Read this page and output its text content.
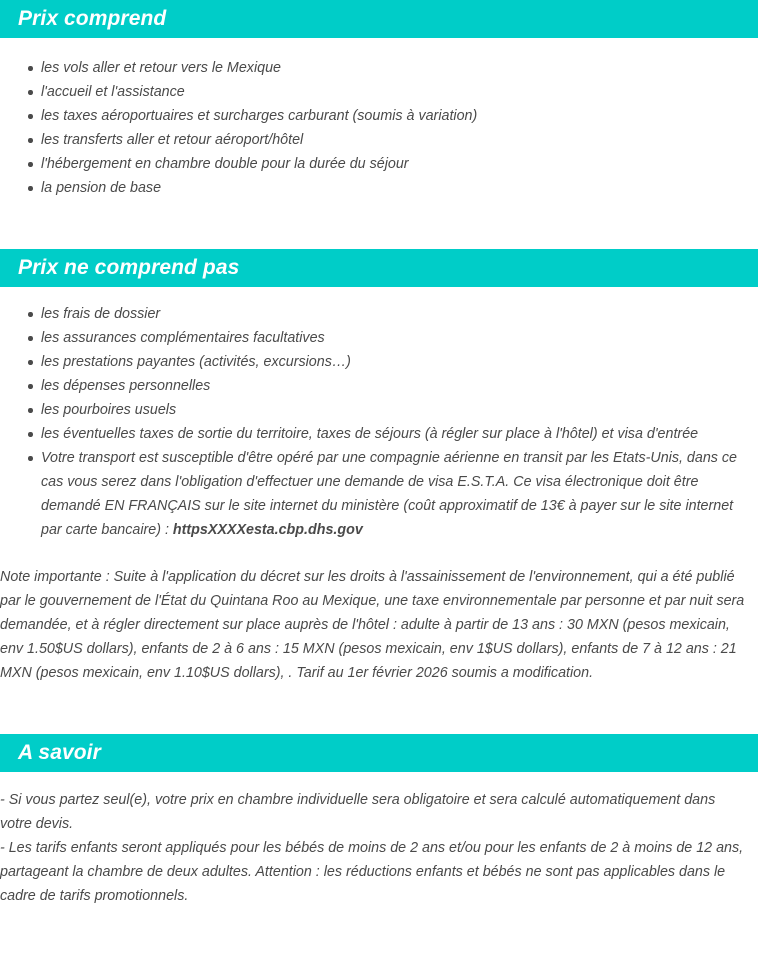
Prix comprend
les vols aller et retour vers le Mexique
l'accueil et l'assistance
les taxes aéroportuaires et surcharges carburant (soumis à variation)
les transferts aller et retour aéroport/hôtel
l'hébergement en chambre double pour la durée du séjour
la pension de base
Prix ne comprend pas
les frais de dossier
les assurances complémentaires facultatives
les prestations payantes (activités, excursions…)
les dépenses personnelles
les pourboires usuels
les éventuelles taxes de sortie du territoire, taxes de séjours (à régler sur place à l'hôtel) et visa d'entrée
Votre transport est susceptible d'être opéré par une compagnie aérienne en transit par les Etats-Unis, dans ce cas vous serez dans l'obligation d'effectuer une demande de visa E.S.T.A. Ce visa électronique doit être demandé EN FRANÇAIS sur le site internet du ministère (coût approximatif de 13€ à payer sur le site internet par carte bancaire) : httpsXXXXesta.cbp.dhs.gov

Note importante : Suite à l'application du décret sur les droits à l'assainissement de l'environnement, qui a été publié par le gouvernement de l'État du Quintana Roo au Mexique, une taxe environnementale par personne et par nuit sera demandée, et à régler directement sur place auprès de l'hôtel : adulte à partir de 13 ans : 30 MXN (pesos mexicain, env 1.50$US dollars), enfants de 2 à 6 ans : 15 MXN (pesos mexicain, env 1$US dollars), enfants de 7 à 12 ans : 21 MXN (pesos mexicain, env 1.10$US dollars), . Tarif au 1er février 2026 soumis a modification.

A savoir

- Si vous partez seul(e), votre prix en chambre individuelle sera obligatoire et sera calculé automatiquement dans votre devis.

- Les tarifs enfants seront appliqués pour les bébés de moins de 2 ans et/ou pour les enfants de 2 à moins de 12 ans, partageant la chambre de deux adultes. Attention : les réductions enfants et bébés ne sont pas applicables dans le cadre de tarifs promotionnels.
